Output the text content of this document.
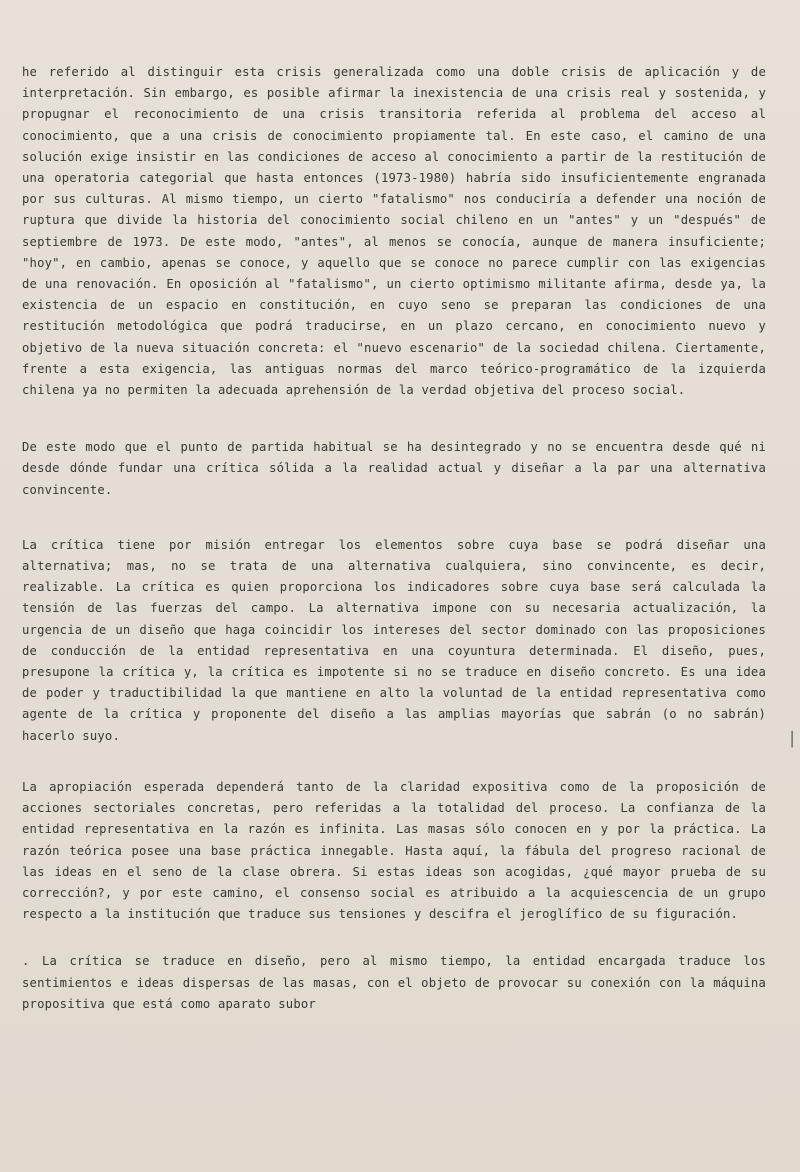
he referido al distinguir esta crisis generalizada como una doble crisis de aplicación y de interpretación. Sin embargo, es posible afirmar la inexistencia de una crisis real y sostenida, y propugnar el reconocimiento de una crisis transitoria referida al problema del acceso al conocimiento, que a una crisis de conocimiento propiamente tal. En este caso, el camino de una solución exige insistir en las condiciones de acceso al conocimiento a partir de la restitución de una operatoria categorial que hasta entonces (1973-1980) habría sido insuficientemente engranada por sus culturas. Al mismo tiempo, un cierto "fatalismo" nos conduciría a defender una noción de ruptura que divide la historia del conocimiento social chileno en un "antes" y un "después" de septiembre de 1973. De este modo, "antes", al menos se conocía, aunque de manera insuficiente; "hoy", en cambio, apenas se conoce, y aquello que se conoce no parece cumplir con las exigencias de una renovación. En oposición al "fatalismo", un cierto optimismo militante afirma, desde ya, la existencia de un espacio en constitución, en cuyo seno se preparan las condiciones de una restitución metodológica que podrá traducirse, en un plazo cercano, en conocimiento nuevo y objetivo de la nueva situación concreta: el "nuevo escenario" de la sociedad chilena. Ciertamente, frente a esta exigencia, las antiguas normas del marco teórico-programático de la izquierda chilena ya no permiten la adecuada aprehensión de la verdad objetiva del proceso social.

De este modo que el punto de partida habitual se ha desintegrado y no se encuentra desde qué ni desde dónde fundar una crítica sólida a la realidad actual y diseñar a la par una alternativa convincente.

La crítica tiene por misión entregar los elementos sobre cuya base se podrá diseñar una alternativa; mas, no se trata de una alternativa cualquiera, sino convincente, es decir, realizable. La crítica es quien proporciona los indicadores sobre cuya base será calculada la tensión de las fuerzas del campo. La alternativa impone con su necesaria actualización, la urgencia de un diseño que haga coincidir los intereses del sector dominado con las proposiciones de conducción de la entidad representativa en una coyuntura determinada. El diseño, pues, presupone la crítica y, la crítica es impotente si no se traduce en diseño concreto. Es una idea de poder y traductibilidad la que mantiene en alto la voluntad de la entidad representativa como agente de la crítica y proponente del diseño a las amplias mayorías que sabrán (o no sabrán) hacerlo suyo.

La apropiación esperada dependerá tanto de la claridad expositiva como de la proposición de acciones sectoriales concretas, pero referidas a la totalidad del proceso. La confianza de la entidad representativa en la razón es infinita. Las masas sólo conocen en y por la práctica. La razón teórica posee una base práctica innegable. Hasta aquí, la fábula del progreso racional de las ideas en el seno de la clase obrera. Si estas ideas son acogidas, ¿qué mayor prueba de su corrección?, y por este camino, el consenso social es atribuido a la acquiescencia de un grupo respecto a la institución que traduce sus tensiones y descifra el jeroglífico de su figuración.

. La crítica se traduce en diseño, pero al mismo tiempo, la entidad encargada traduce los sentimientos e ideas dispersas de las masas, con el objeto de provocar su conexión con la máquina propositiva que está como aparato subor

│
